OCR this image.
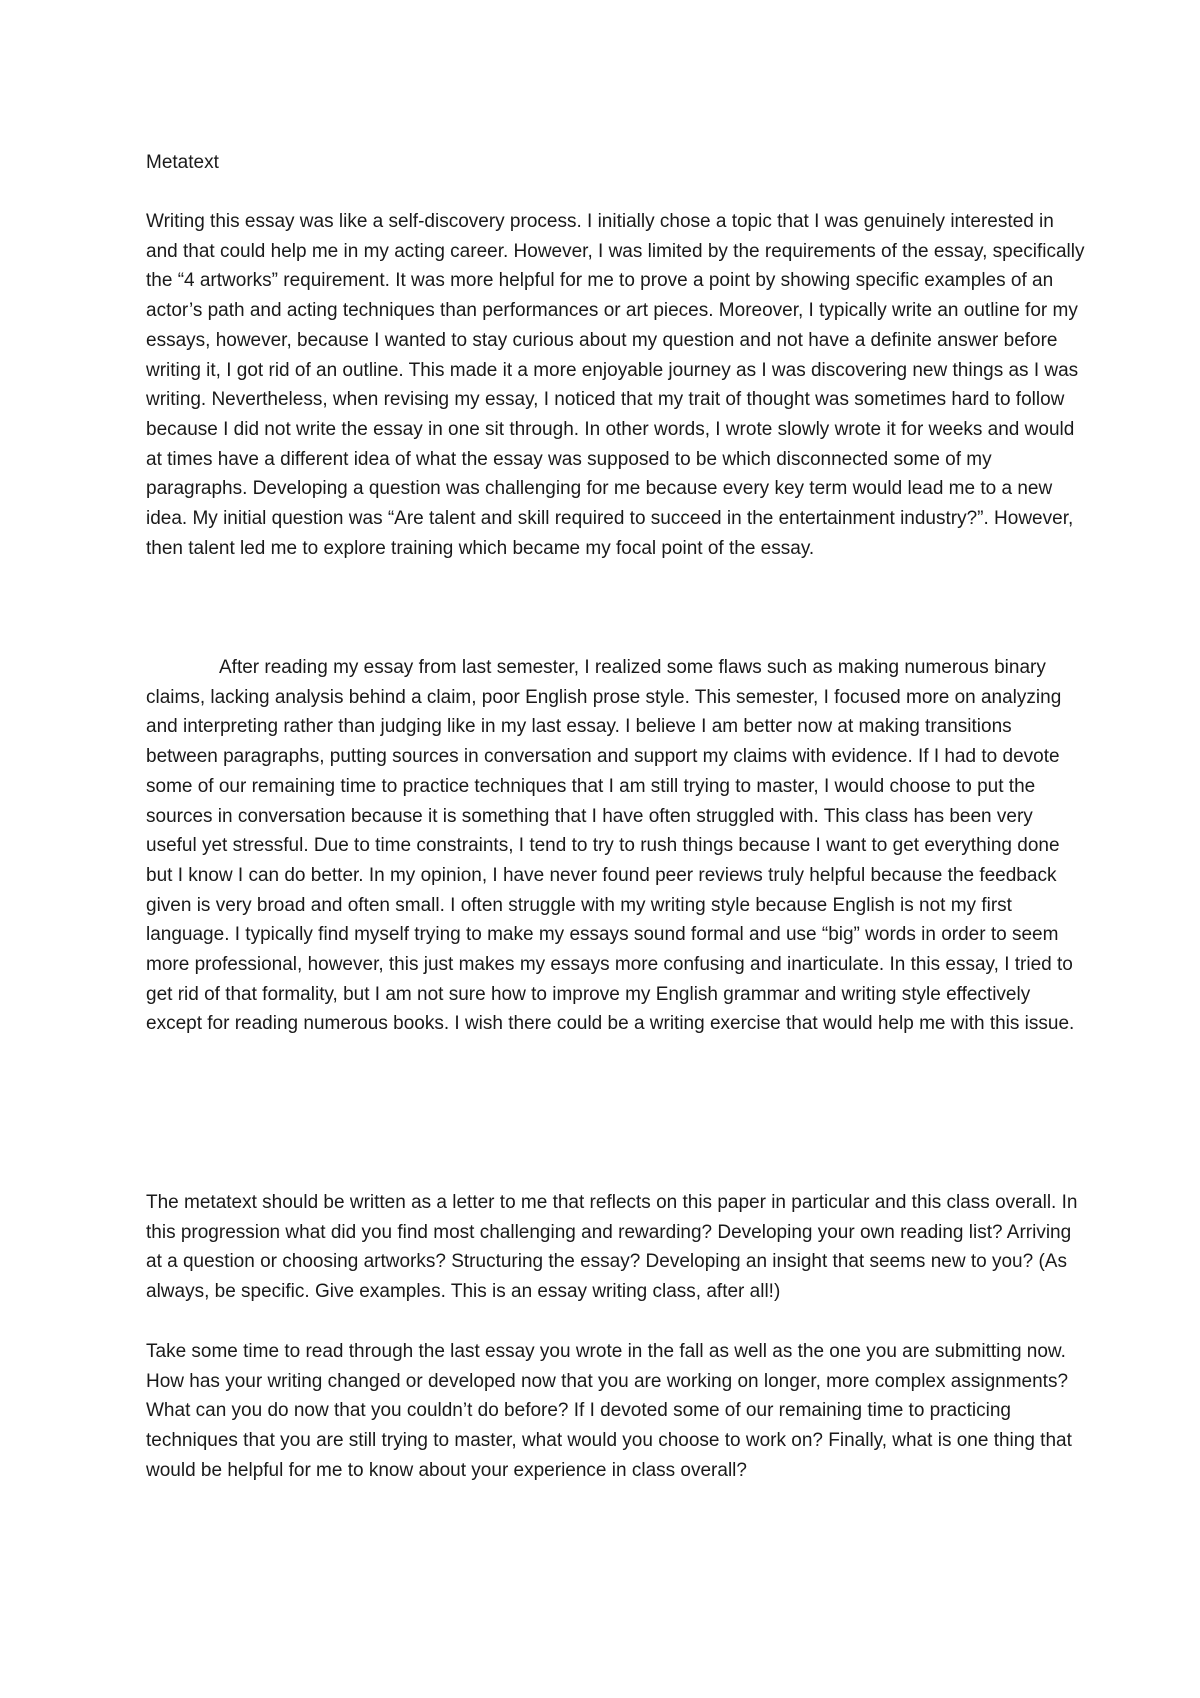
Metatext

Writing this essay was like a self-discovery process. I initially chose a topic that I was genuinely interested in and that could help me in my acting career. However, I was limited by the requirements of the essay, specifically the “4 artworks” requirement. It was more helpful for me to prove a point by showing specific examples of an actor’s path and acting techniques than performances or art pieces. Moreover, I typically write an outline for my essays, however, because I wanted to stay curious about my question and not have a definite answer before writing it, I got rid of an outline. This made it a more enjoyable journey as I was discovering new things as I was writing. Nevertheless, when revising my essay, I noticed that my trait of thought was sometimes hard to follow because I did not write the essay in one sit through. In other words, I wrote slowly wrote it for weeks and would at times have a different idea of what the essay was supposed to be which disconnected some of my paragraphs. Developing a question was challenging for me because every key term would lead me to a new idea. My initial question was “Are talent and skill required to succeed in the entertainment industry?”. However, then talent led me to explore training which became my focal point of the essay.

After reading my essay from last semester, I realized some flaws such as making numerous binary claims, lacking analysis behind a claim, poor English prose style. This semester, I focused more on analyzing and interpreting rather than judging like in my last essay. I believe I am better now at making transitions between paragraphs, putting sources in conversation and support my claims with evidence. If I had to devote some of our remaining time to practice techniques that I am still trying to master, I would choose to put the sources in conversation because it is something that I have often struggled with. This class has been very useful yet stressful. Due to time constraints, I tend to try to rush things because I want to get everything done but I know I can do better. In my opinion, I have never found peer reviews truly helpful because the feedback given is very broad and often small. I often struggle with my writing style because English is not my first language. I typically find myself trying to make my essays sound formal and use “big” words in order to seem more professional, however, this just makes my essays more confusing and inarticulate. In this essay, I tried to get rid of that formality, but I am not sure how to improve my English grammar and writing style effectively except for reading numerous books. I wish there could be a writing exercise that would help me with this issue.

The metatext should be written as a letter to me that reflects on this paper in particular and this class overall. In this progression what did you find most challenging and rewarding? Developing your own reading list? Arriving at a question or choosing artworks? Structuring the essay? Developing an insight that seems new to you? (As always, be specific. Give examples. This is an essay writing class, after all!)

Take some time to read through the last essay you wrote in the fall as well as the one you are submitting now. How has your writing changed or developed now that you are working on longer, more complex assignments? What can you do now that you couldn’t do before? If I devoted some of our remaining time to practicing techniques that you are still trying to master, what would you choose to work on? Finally, what is one thing that would be helpful for me to know about your experience in class overall?
